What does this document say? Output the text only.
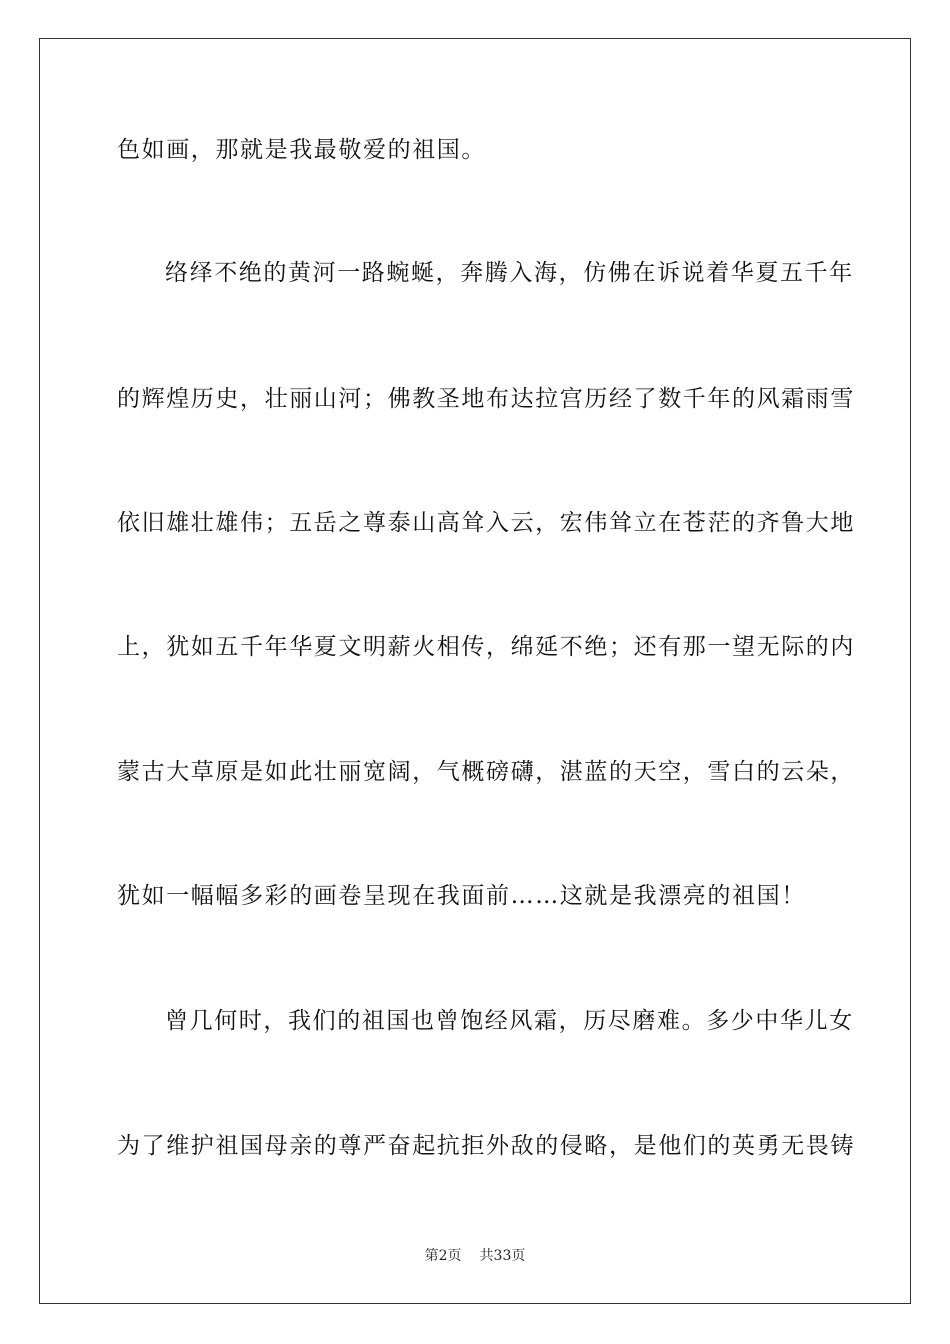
色如画，那就是我最敬爱的祖国。
络绎不绝的黄河一路蜿蜒，奔腾入海，仿佛在诉说着华夏五千年
的辉煌历史，壮丽山河；佛教圣地布达拉宫历经了数千年的风霜雨雪
依旧雄壮雄伟；五岳之尊泰山高耸入云，宏伟耸立在苍茫的齐鲁大地
上，犹如五千年华夏文明薪火相传，绵延不绝；还有那一望无际的内
蒙古大草原是如此壮丽宽阔，气概磅礴，湛蓝的天空，雪白的云朵，
犹如一幅幅多彩的画卷呈现在我面前……这就是我漂亮的祖国！
曾几何时，我们的祖国也曾饱经风霜，历尽磨难。多少中华儿女
为了维护祖国母亲的尊严奋起抗拒外敌的侵略，是他们的英勇无畏铸
第2页 共33页
